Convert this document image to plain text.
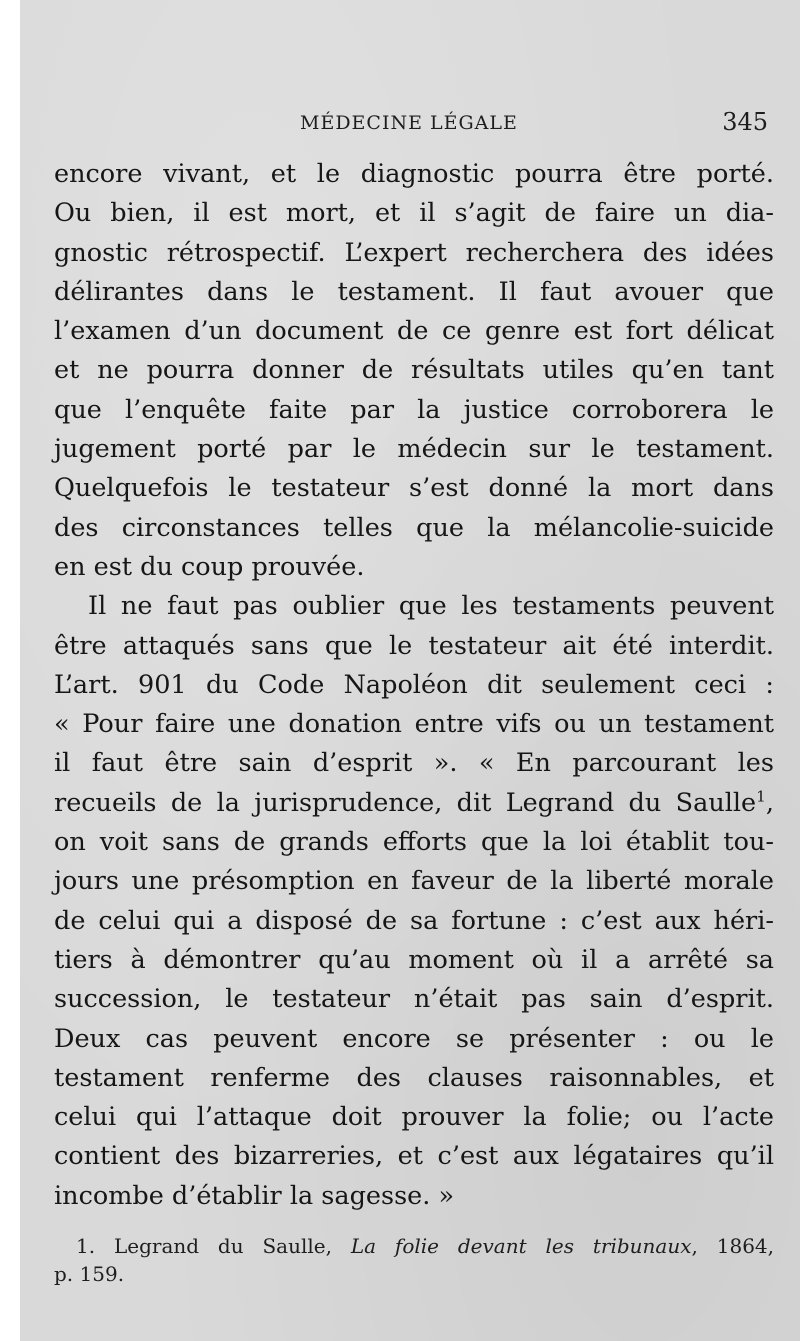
MÉDECINE LÉGALE	345
encore vivant, et le diagnostic pourra être porté.
Ou bien, il est mort, et il s’agit de faire un dia-
gnostic rétrospectif. L’expert recherchera des idées
délirantes dans le testament. Il faut avouer que
l’examen d’un document de ce genre est fort délicat
et ne pourra donner de résultats utiles qu’en tant
que l’enquête faite par la justice corroborera le
jugement porté par le médecin sur le testament.
Quelquefois le testateur s’est donné la mort dans
des circonstances telles que la mélancolie-suicide
en est du coup prouvée.
Il ne faut pas oublier que les testaments peuvent
être attaqués sans que le testateur ait été interdit.
L’art. 901 du Code Napoléon dit seulement ceci :
« Pour faire une donation entre vifs ou un testament
il faut être sain d’esprit ». « En parcourant les
recueils de la jurisprudence, dit Legrand du Saulle$^1$,
on voit sans de grands efforts que la loi établit tou-
jours une présomption en faveur de la liberté morale
de celui qui a disposé de sa fortune : c’est aux héri-
tiers à démontrer qu’au moment où il a arrêté sa
succession, le testateur n’était pas sain d’esprit.
Deux cas peuvent encore se présenter : ou le
testament renferme des clauses raisonnables, et
celui qui l’attaque doit prouver la folie; ou l’acte
contient des bizarreries, et c’est aux légataires qu’il
incombe d’établir la sagesse. »
1. Legrand du Saulle, La folie devant les tribunaux, 1864,
p. 159.
